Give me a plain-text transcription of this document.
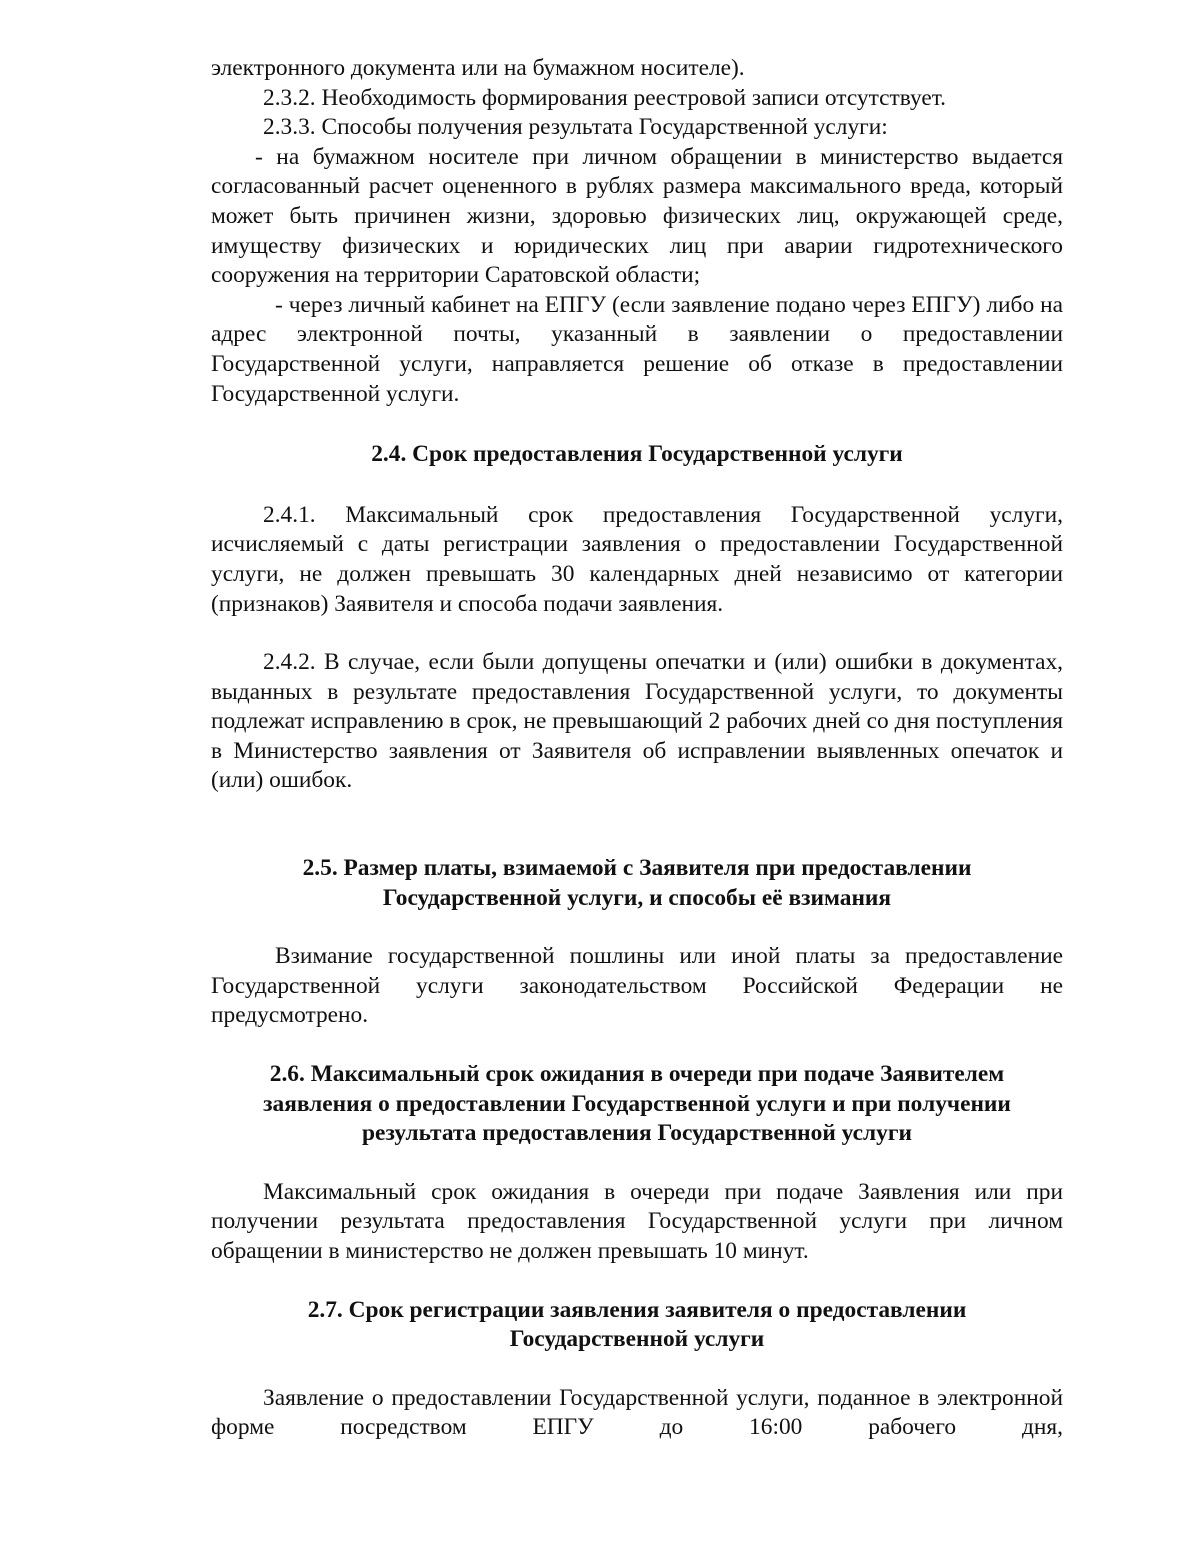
электронного документа или на бумажном носителе).

2.3.2. Необходимость формирования реестровой записи отсутствует.

2.3.3. Способы получения результата Государственной услуги:

- на бумажном носителе при личном обращении в министерство выдается согласованный расчет оцененного в рублях размера максимального вреда, который может быть причинен жизни, здоровью физических лиц, окружающей среде, имуществу физических и юридических лиц при аварии гидротехнического сооружения на территории Саратовской области;

- через личный кабинет на ЕПГУ (если заявление подано через ЕПГУ) либо на адрес электронной почты, указанный в заявлении о предоставлении Государственной услуги, направляется решение об отказе в предоставлении Государственной услуги.

2.4. Срок предоставления Государственной услуги

2.4.1. Максимальный срок предоставления Государственной услуги, исчисляемый с даты регистрации заявления о предоставлении Государственной услуги, не должен превышать 30 календарных дней независимо от категории (признаков) Заявителя и способа подачи заявления.

2.4.2. В случае, если были допущены опечатки и (или) ошибки в документах, выданных в результате предоставления Государственной услуги, то документы подлежат исправлению в срок, не превышающий 2 рабочих дней со дня поступления в Министерство заявления от Заявителя об исправлении выявленных опечаток и (или) ошибок.

2.5. Размер платы, взимаемой с Заявителя при предоставлении
Государственной услуги, и способы её взимания

Взимание государственной пошлины или иной платы за предоставление Государственной услуги законодательством Российской Федерации не предусмотрено.

2.6. Максимальный срок ожидания в очереди при подаче Заявителем
заявления о предоставлении Государственной услуги и при получении
результата предоставления Государственной услуги

Максимальный срок ожидания в очереди при подаче Заявления или при получении результата предоставления Государственной услуги при личном обращении в министерство не должен превышать 10 минут.

2.7. Срок регистрации заявления заявителя о предоставлении
Государственной услуги

Заявление о предоставлении Государственной услуги, поданное в электронной форме посредством ЕПГУ до 16:00 рабочего дня,
